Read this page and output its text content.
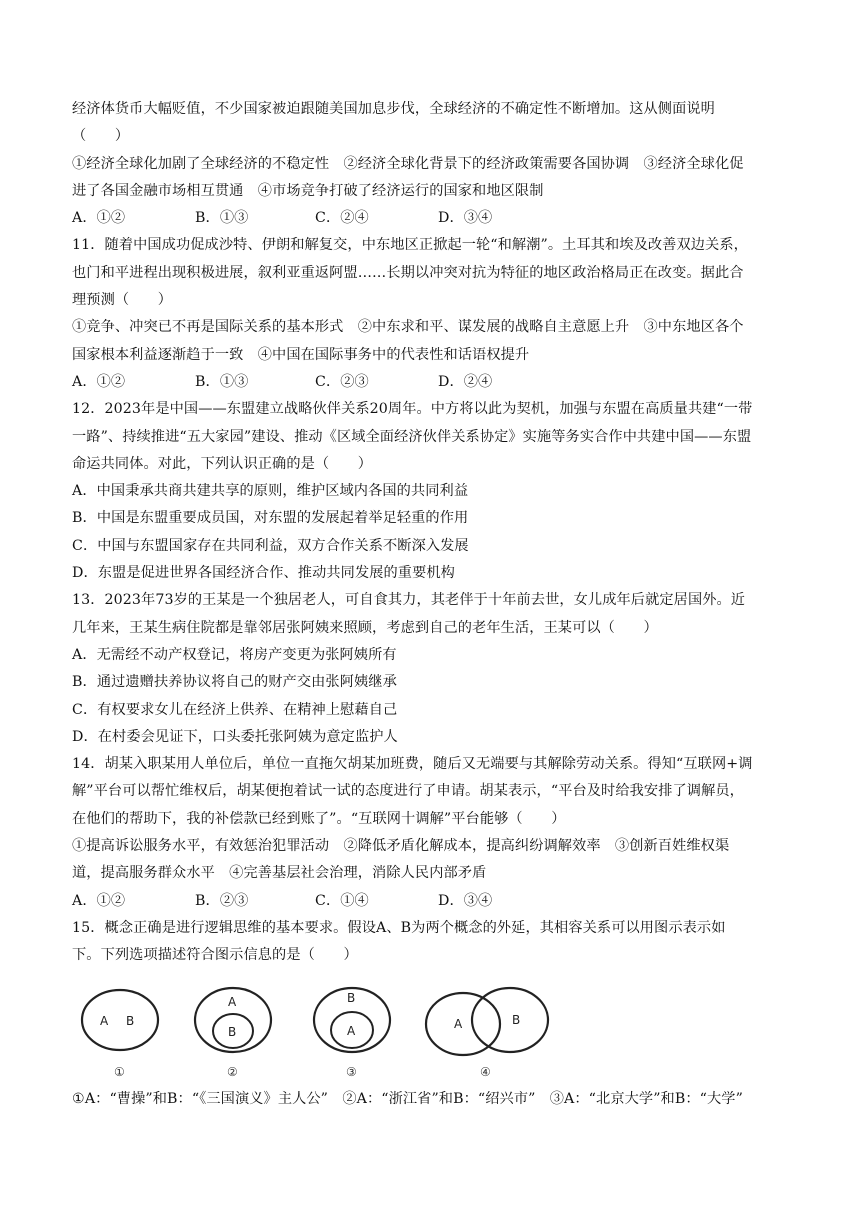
经济体货币大幅贬值，不少国家被迫跟随美国加息步伐，全球经济的不确定性不断增加。这从侧面说明
（　　）
①经济全球化加剧了全球经济的不稳定性　②经济全球化背景下的经济政策需要各国协调　③经济全球化促
进了各国金融市场相互贯通　④市场竞争打破了经济运行的国家和地区限制
A．①②	B．①③	C．②④	D．③④
11．随着中国成功促成沙特、伊朗和解复交，中东地区正掀起一轮“和解潮”。土耳其和埃及改善双边关系，
也门和平进程出现积极进展，叙利亚重返阿盟……长期以冲突对抗为特征的地区政治格局正在改变。据此合
理预测（　　）
①竞争、冲突已不再是国际关系的基本形式　②中东求和平、谋发展的战略自主意愿上升　③中东地区各个
国家根本利益逐渐趋于一致　④中国在国际事务中的代表性和话语权提升
A．①②	B．①③	C．②③	D．②④
12．2023年是中国——东盟建立战略伙伴关系20周年。中方将以此为契机，加强与东盟在高质量共建“一带
一路”、持续推进“五大家园”建设、推动《区域全面经济伙伴关系协定》实施等务实合作中共建中国——东盟
命运共同体。对此，下列认识正确的是（　　）
A．中国秉承共商共建共享的原则，维护区域内各国的共同利益
B．中国是东盟重要成员国，对东盟的发展起着举足轻重的作用
C．中国与东盟国家存在共同利益，双方合作关系不断深入发展
D．东盟是促进世界各国经济合作、推动共同发展的重要机构
13．2023年73岁的王某是一个独居老人，可自食其力，其老伴于十年前去世，女儿成年后就定居国外。近
几年来，王某生病住院都是靠邻居张阿姨来照顾，考虑到自己的老年生活，王某可以（　　）
A．无需经不动产权登记，将房产变更为张阿姨所有
B．通过遗赠扶养协议将自己的财产交由张阿姨继承
C．有权要求女儿在经济上供养、在精神上慰藉自己
D．在村委会见证下，口头委托张阿姨为意定监护人
14．胡某入职某用人单位后，单位一直拖欠胡某加班费，随后又无端要与其解除劳动关系。得知“互联网+调
解”平台可以帮忙维权后，胡某便抱着试一试的态度进行了申请。胡某表示，“平台及时给我安排了调解员，
在他们的帮助下，我的补偿款已经到账了”。“互联网十调解”平台能够（　　）
①提高诉讼服务水平，有效惩治犯罪活动　②降低矛盾化解成本，提高纠纷调解效率　③创新百姓维权渠
道，提高服务群众水平　④完善基层社会治理，消除人民内部矛盾
A．①②	B．②③	C．①④	D．③④
15．概念正确是进行逻辑思维的基本要求。假设A、B为两个概念的外延，其相容关系可以用图示表示如
下。下列选项描述符合图示信息的是（　　）
A B
①
A
B
②
B
A
③
A	B
④
①A：“曹操”和B：“《三国演义》主人公”　②A：“浙江省”和B：“绍兴市”　③A：“北京大学”和B：“大学”
